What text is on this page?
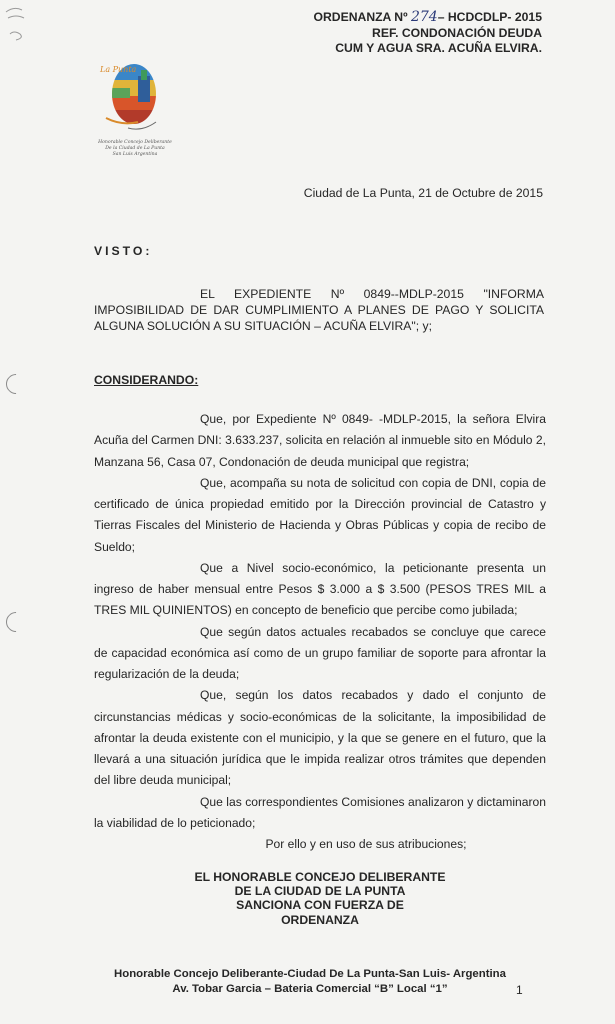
ORDENANZA Nº 274– HCDCDLP- 2015
REF. CONDONACIÓN DEUDA
CUM Y AGUA SRA. ACUÑA ELVIRA.
La Punta
Honorable Concejo Deliberante
De la Ciudad de La Punta
San Luis Argentina
Ciudad de La Punta, 21 de Octubre de 2015
VISTO:
EL EXPEDIENTE Nº 0849--MDLP-2015 "INFORMA IMPOSIBILIDAD DE DAR CUMPLIMIENTO A PLANES DE PAGO Y SOLICITA ALGUNA SOLUCIÓN A SU SITUACIÓN – ACUÑA ELVIRA"; y;
CONSIDERANDO:

Que, por Expediente Nº 0849- -MDLP-2015, la señora Elvira Acuña del Carmen DNI: 3.633.237, solicita en relación al inmueble sito en Módulo 2, Manzana 56, Casa 07, Condonación de deuda municipal que registra;

Que, acompaña su nota de solicitud con copia de DNI, copia de certificado de única propiedad emitido por la Dirección provincial de Catastro y Tierras Fiscales del Ministerio de Hacienda y Obras Públicas y copia de recibo de Sueldo;

Que a Nivel socio-económico, la peticionante presenta un ingreso de haber mensual entre Pesos $ 3.000 a $ 3.500 (PESOS TRES MIL a TRES MIL QUINIENTOS) en concepto de beneficio que percibe como jubilada;

Que según datos actuales recabados se concluye que carece de capacidad económica así como de un grupo familiar de soporte para afrontar la regularización de la deuda;

Que, según los datos recabados y dado el conjunto de circunstancias médicas y socio-económicas de la solicitante, la imposibilidad de afrontar la deuda existente con el municipio, y la que se genere en el futuro, que la llevará a una situación jurídica que le impida realizar otros trámites que dependen del libre deuda municipal;

Que las correspondientes Comisiones analizaron y dictaminaron la viabilidad de lo peticionado;

Por ello y en uso de sus atribuciones;

EL HONORABLE CONCEJO DELIBERANTE
DE LA CIUDAD DE LA PUNTA
SANCIONA CON FUERZA DE
ORDENANZA
Honorable Concejo Deliberante-Ciudad De La Punta-San Luis- Argentina
Av. Tobar Garcia – Bateria Comercial “B” Local “1”	1
